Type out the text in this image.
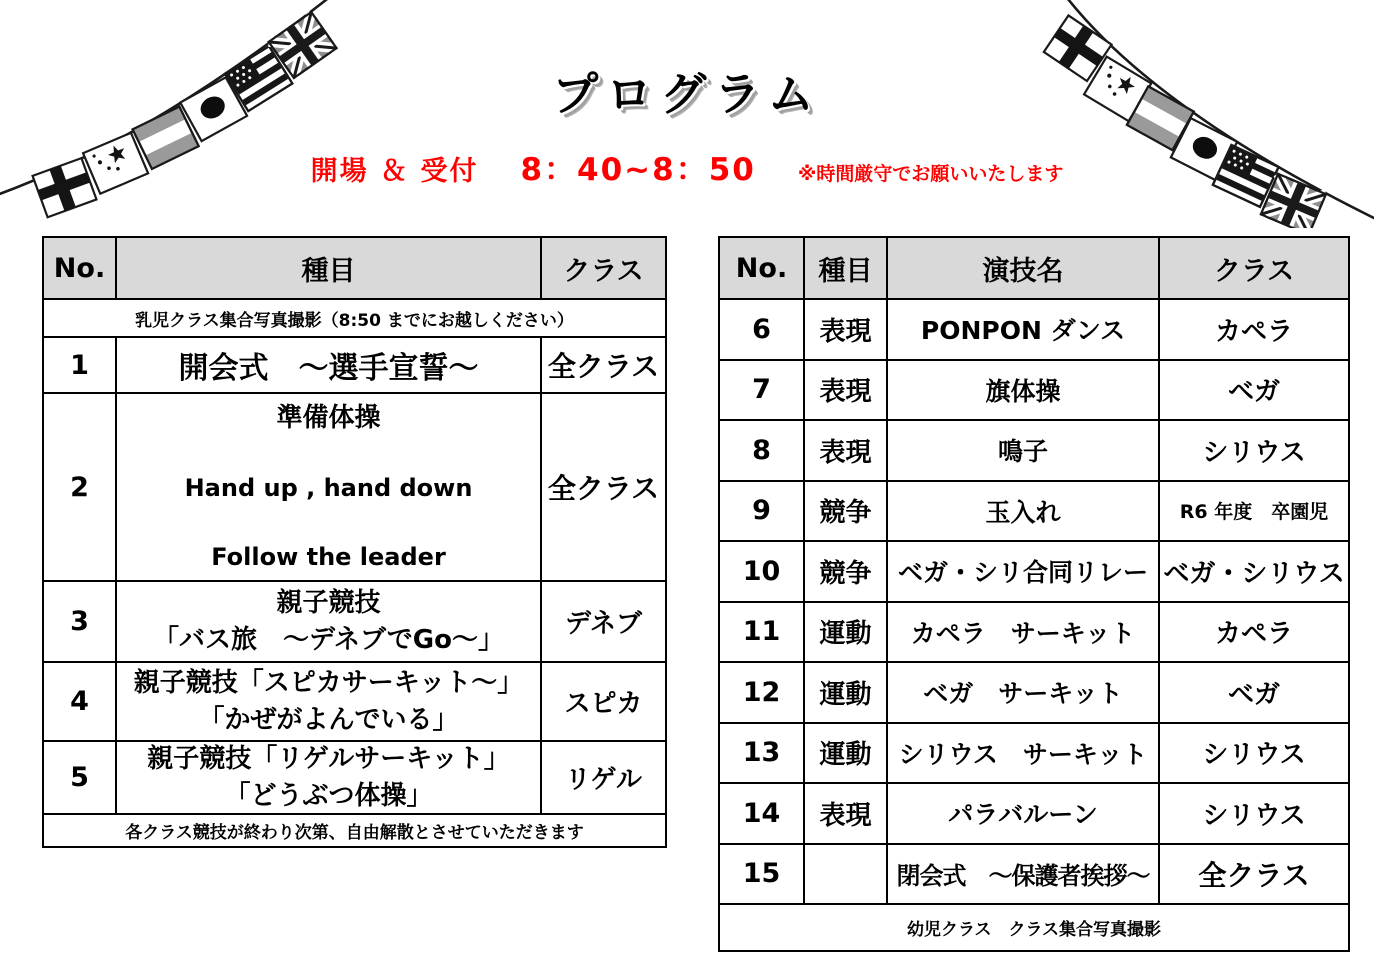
プログラム
開場 ＆ 受付 8：40~8：50 ※時間厳守でお願いいたします
No.	種目	クラス
乳児クラス集合写真撮影（8:50 までにお越しください）		
1	開会式　～選手宣誓～	全クラス
2	準備体操
Hand up , hand down
Follow the leader	全クラス
3	親子競技
「バス旅　～デネブでGo～」	デネブ
4	親子競技「スピカサーキット～」
「かぜがよんでいる」	スピカ
5	親子競技「リゲルサーキット」
「どうぶつ体操」	リゲル
各クラス競技が終わり次第、自由解散とさせていただきます		
No.	種目	演技名	クラス
6	表現	PONPON ダンス	カペラ
7	表現	旗体操	ベガ
8	表現	鳴子	シリウス
9	競争	玉入れ	R6 年度　卒園児
10	競争	ベガ・シリ合同リレー	ベガ・シリウス
11	運動	カペラ　サーキット	カペラ
12	運動	ベガ　サーキット	ベガ
13	運動	シリウス　サーキット	シリウス
14	表現	パラバルーン	シリウス
15		閉会式　～保護者挨拶～	全クラス
幼児クラス　クラス集合写真撮影			
